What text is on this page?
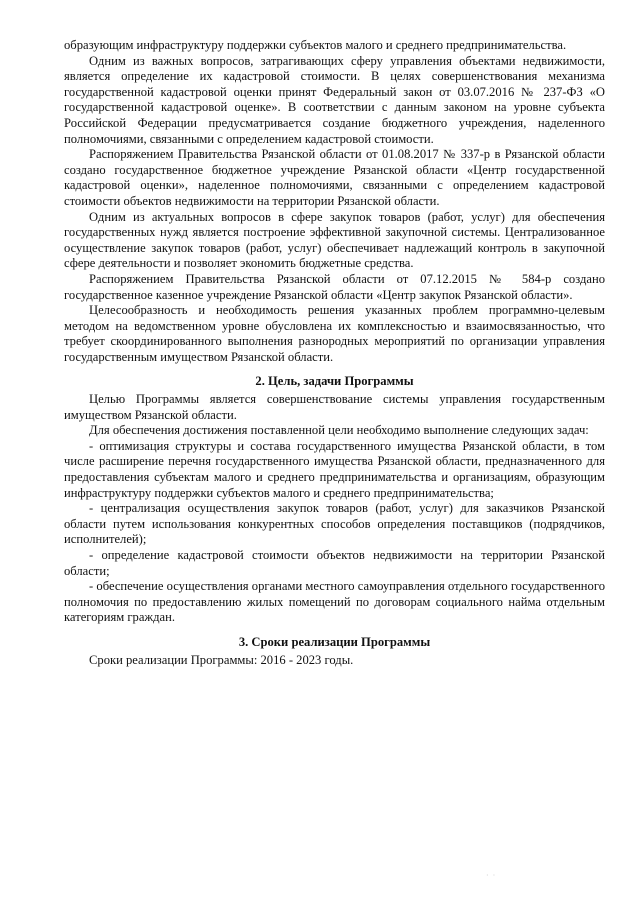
образующим инфраструктуру поддержки субъектов малого и среднего предпринимательства.

Одним из важных вопросов, затрагивающих сферу управления объектами недвижимости, является определение их кадастровой стоимости. В целях совершенствования механизма государственной кадастровой оценки принят Федеральный закон от 03.07.2016 № 237-ФЗ «О государственной кадастровой оценке». В соответствии с данным законом на уровне субъекта Российской Федерации предусматривается создание бюджетного учреждения, наделенного полномочиями, связанными с определением кадастровой стоимости.

Распоряжением Правительства Рязанской области от 01.08.2017 № 337-р в Рязанской области создано государственное бюджетное учреждение Рязанской области «Центр государственной кадастровой оценки», наделенное полномочиями, связанными с определением кадастровой стоимости объектов недвижимости на территории Рязанской области.

Одним из актуальных вопросов в сфере закупок товаров (работ, услуг) для обеспечения государственных нужд является построение эффективной закупочной системы. Централизованное осуществление закупок товаров (работ, услуг) обеспечивает надлежащий контроль в закупочной сфере деятельности и позволяет экономить бюджетные средства.

Распоряжением Правительства Рязанской области от 07.12.2015 № 584-р создано государственное казенное учреждение Рязанской области «Центр закупок Рязанской области».

Целесообразность и необходимость решения указанных проблем программно-целевым методом на ведомственном уровне обусловлена их комплексностью и взаимосвязанностью, что требует скоординированного выполнения разнородных мероприятий по организации управления государственным имуществом Рязанской области.

2. Цель, задачи Программы

Целью Программы является совершенствование системы управления государственным имуществом Рязанской области.

Для обеспечения достижения поставленной цели необходимо выполнение следующих задач:

- оптимизация структуры и состава государственного имущества Рязанской области, в том числе расширение перечня государственного имущества Рязанской области, предназначенного для предоставления субъектам малого и среднего предпринимательства и организациям, образующим инфраструктуру поддержки субъектов малого и среднего предпринимательства;

- централизация осуществления закупок товаров (работ, услуг) для заказчиков Рязанской области путем использования конкурентных способов определения поставщиков (подрядчиков, исполнителей);

- определение кадастровой стоимости объектов недвижимости на территории Рязанской области;

- обеспечение осуществления органами местного самоуправления отдельного государственного полномочия по предоставлению жилых помещений по договорам социального найма отдельным категориям граждан.

3. Сроки реализации Программы

Сроки реализации Программы: 2016 - 2023 годы.

· ·
